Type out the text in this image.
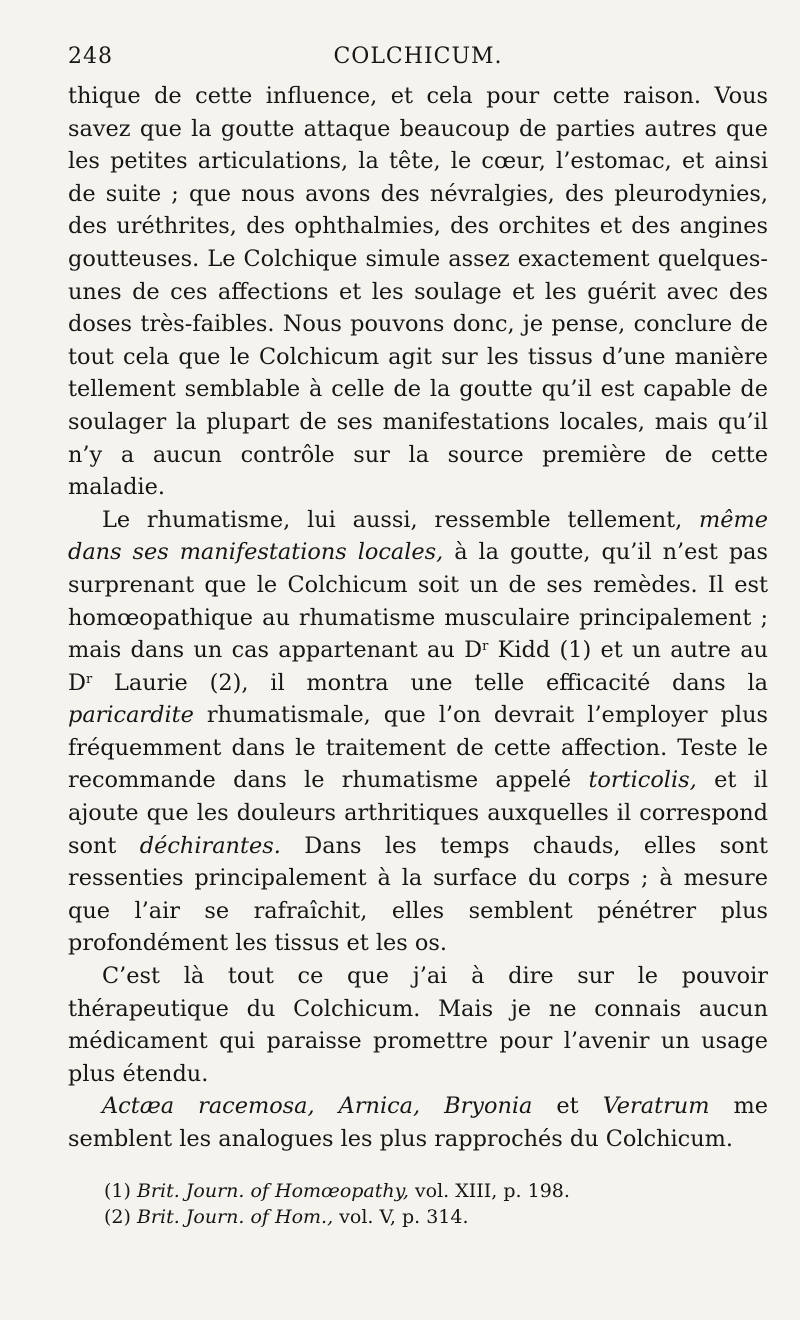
248	COLCHICUM.

thique de cette influence, et cela pour cette raison. Vous savez que la goutte attaque beaucoup de parties autres que les petites articulations, la tête, le cœur, l’estomac, et ainsi de suite ; que nous avons des névralgies, des pleurodynies, des uréthrites, des ophthalmies, des orchites et des angines goutteuses. Le Colchique simule assez exactement quelques-unes de ces affections et les soulage et les guérit avec des doses très-faibles. Nous pouvons donc, je pense, conclure de tout cela que le Colchicum agit sur les tissus d’une manière tellement semblable à celle de la goutte qu’il est capable de soulager la plupart de ses manifestations locales, mais qu’il n’y a aucun contrôle sur la source première de cette maladie.

Le rhumatisme, lui aussi, ressemble tellement, même dans ses manifestations locales, à la goutte, qu’il n’est pas surprenant que le Colchicum soit un de ses remèdes. Il est homœopathique au rhumatisme musculaire principalement ; mais dans un cas appartenant au $D^r$ Kidd (1) et un autre au $D^r$ Laurie (2), il montra une telle efficacité dans la paricardite rhumatismale, que l’on devrait l’employer plus fréquemment dans le traitement de cette affection. Teste le recommande dans le rhumatisme appelé torticolis, et il ajoute que les douleurs arthritiques auxquelles il correspond sont déchirantes. Dans les temps chauds, elles sont ressenties principalement à la surface du corps ; à mesure que l’air se rafraîchit, elles semblent pénétrer plus profondément les tissus et les os.

C’est là tout ce que j’ai à dire sur le pouvoir thérapeutique du Colchicum. Mais je ne connais aucun médicament qui paraisse promettre pour l’avenir un usage plus étendu.

Actæa racemosa, Arnica, Bryonia et Veratrum me semblent les analogues les plus rapprochés du Colchicum.

(1) Brit. Journ. of Homœopathy, vol. XIII, p. 198.

(2) Brit. Journ. of Hom., vol. V, p. 314.
